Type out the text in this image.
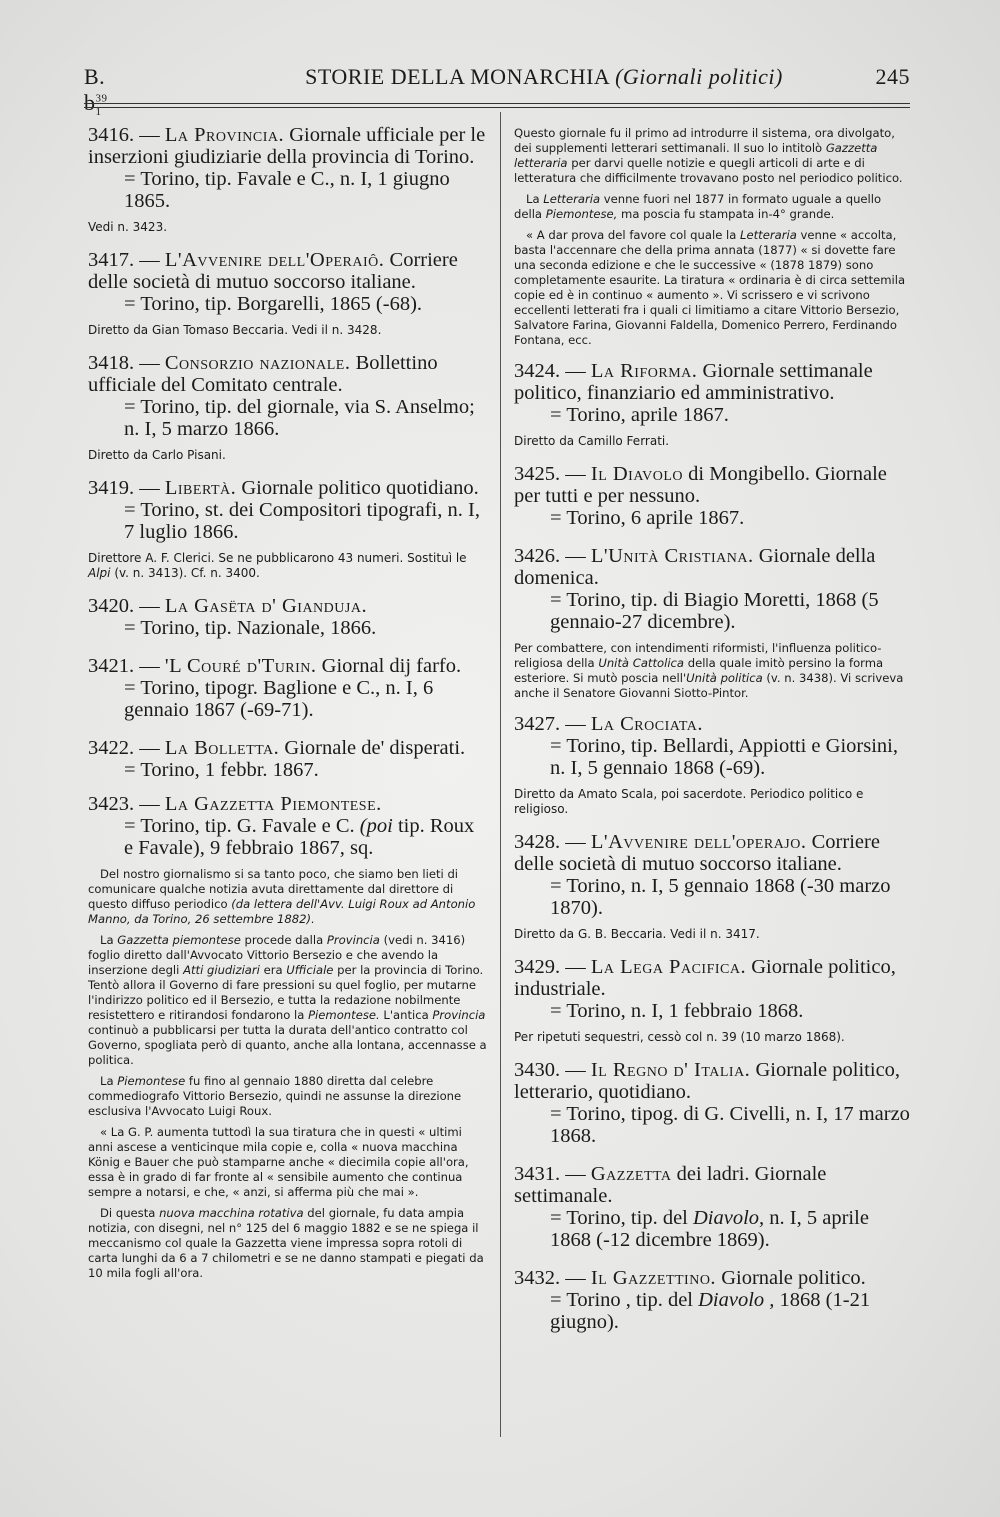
B. $b^{39}_1$
STORIE DELLA MONARCHIA (Giornali politici)	245
3416. — La Provincia. Giornale ufficiale per le inserzioni giudiziarie della provincia di Torino.
= Torino, tip. Favale e C., n. I, 1 giugno 1865.
Vedi n. 3423.
3417. — L'Avvenire dell'Operaiô. Corriere delle società di mutuo soccorso italiane.
= Torino, tip. Borgarelli, 1865 (-68).
Diretto da Gian Tomaso Beccaria. Vedi il n. 3428.
3418. — Consorzio nazionale. Bollettino ufficiale del Comitato centrale.
= Torino, tip. del giornale, via S. Anselmo; n. I, 5 marzo 1866.
Diretto da Carlo Pisani.
3419. — Libertà. Giornale politico quotidiano.
= Torino, st. dei Compositori tipografi, n. I, 7 luglio 1866.
Direttore A. F. Clerici. Se ne pubblicarono 43 numeri. Sostituì le Alpi (v. n. 3413). Cf. n. 3400.
3420. — La Gasëta d' Gianduja.
= Torino, tip. Nazionale, 1866.
3421. — 'L Couré d'Turin. Giornal dij farfo.
= Torino, tipogr. Baglione e C., n. I, 6 gennaio 1867 (-69-71).
3422. — La Bolletta. Giornale de' disperati.
= Torino, 1 febbr. 1867.
3423. — La Gazzetta Piemontese.
= Torino, tip. G. Favale e C. (poi tip. Roux e Favale), 9 febbraio 1867, sq.

Del nostro giornalismo si sa tanto poco, che siamo ben lieti di comunicare qualche notizia avuta direttamente dal direttore di questo diffuso periodico (da lettera dell'Avv. Luigi Roux ad Antonio Manno, da Torino, 26 settembre 1882).

La Gazzetta piemontese procede dalla Provincia (vedi n. 3416) foglio diretto dall'Avvocato Vittorio Bersezio e che avendo la inserzione degli Atti giudiziari era Ufficiale per la provincia di Torino. Tentò allora il Governo di fare pressioni su quel foglio, per mutarne l'indirizzo politico ed il Bersezio, e tutta la redazione nobilmente resistettero e ritirandosi fondarono la Piemontese. L'antica Provincia continuò a pubblicarsi per tutta la durata dell'antico contratto col Governo, spogliata però di quanto, anche alla lontana, accennasse a politica.

La Piemontese fu fino al gennaio 1880 diretta dal celebre commediografo Vittorio Bersezio, quindi ne assunse la direzione esclusiva l'Avvocato Luigi Roux.

« La G. P. aumenta tuttodì la sua tiratura che in questi « ultimi anni ascese a venticinque mila copie e, colla « nuova macchina König e Bauer che può stamparne anche « diecimila copie all'ora, essa è in grado di far fronte al « sensibile aumento che continua sempre a notarsi, e che, « anzi, si afferma più che mai ».

Di questa nuova macchina rotativa del giornale, fu data ampia notizia, con disegni, nel n° 125 del 6 maggio 1882 e se ne spiega il meccanismo col quale la Gazzetta viene impressa sopra rotoli di carta lunghi da 6 a 7 chilometri e se ne danno stampati e piegati da 10 mila fogli all'ora.

Questo giornale fu il primo ad introdurre il sistema, ora divolgato, dei supplementi letterari settimanali. Il suo lo intitolò Gazzetta letteraria per darvi quelle notizie e quegli articoli di arte e di letteratura che difficilmente trovavano posto nel periodico politico.

La Letteraria venne fuori nel 1877 in formato uguale a quello della Piemontese, ma poscia fu stampata in-4° grande.

« A dar prova del favore col quale la Letteraria venne « accolta, basta l'accennare che della prima annata (1877) « si dovette fare una seconda edizione e che le successive « (1878 1879) sono completamente esaurite. La tiratura « ordinaria è di circa settemila copie ed è in continuo « aumento ». Vi scrissero e vi scrivono eccellenti letterati fra i quali ci limitiamo a citare Vittorio Bersezio, Salvatore Farina, Giovanni Faldella, Domenico Perrero, Ferdinando Fontana, ecc.

3424. — La Riforma. Giornale settimanale politico, finanziario ed amministrativo.
= Torino, aprile 1867.
Diretto da Camillo Ferrati.
3425. — Il Diavolo di Mongibello. Giornale per tutti e per nessuno.
= Torino, 6 aprile 1867.
3426. — L'Unità Cristiana. Giornale della domenica.
= Torino, tip. di Biagio Moretti, 1868 (5 gennaio-27 dicembre).

Per combattere, con intendimenti riformisti, l'influenza politico-religiosa della Unità Cattolica della quale imitò persino la forma esteriore. Si mutò poscia nell'Unità politica (v. n. 3438). Vi scriveva anche il Senatore Giovanni Siotto-Pintor.

3427. — La Crociata.
= Torino, tip. Bellardi, Appiotti e Giorsini, n. I, 5 gennaio 1868 (-69).
Diretto da Amato Scala, poi sacerdote. Periodico politico e religioso.
3428. — L'Avvenire dell'operajo. Corriere delle società di mutuo soccorso italiane.
= Torino, n. I, 5 gennaio 1868 (-30 marzo 1870).
Diretto da G. B. Beccaria. Vedi il n. 3417.
3429. — La Lega Pacifica. Giornale politico, industriale.
= Torino, n. I, 1 febbraio 1868.
Per ripetuti sequestri, cessò col n. 39 (10 marzo 1868).
3430. — Il Regno d' Italia. Giornale politico, letterario, quotidiano.
= Torino, tipog. di G. Civelli, n. I, 17 marzo 1868.
3431. — Gazzetta dei ladri. Giornale settimanale.
= Torino, tip. del Diavolo, n. I, 5 aprile 1868 (-12 dicembre 1869).
3432. — Il Gazzettino. Giornale politico.
= Torino , tip. del Diavolo , 1868 (1-21 giugno).
